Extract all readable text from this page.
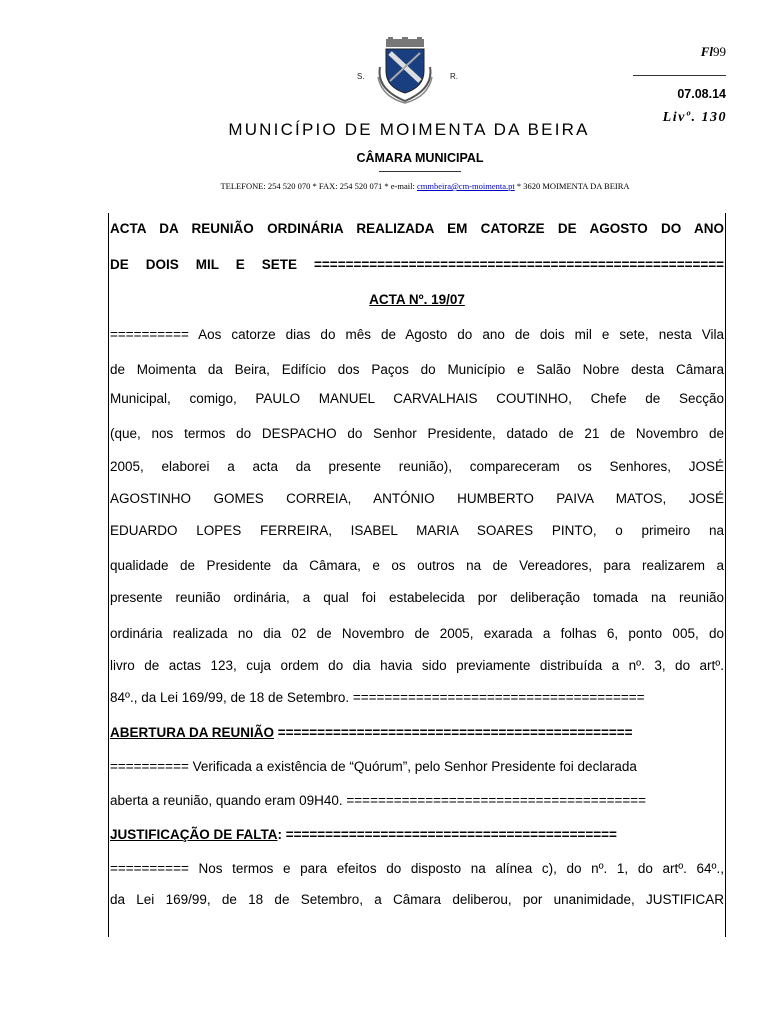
S.	R.
Fl99
07.08.14
Livº. 130
MUNICÍPIO DE MOIMENTA DA BEIRA
CÂMARA MUNICIPAL
TELEFONE: 254 520 070 * FAX: 254 520 071 * e-mail: cmmbeira@cm-moimenta.pt * 3620 MOIMENTA DA BEIRA
ACTA DA REUNIÃO ORDINÁRIA REALIZADA EM CATORZE DE AGOSTO DO ANO
DE DOIS MIL E SETE ====================================================
ACTA Nº. 19/07
========== Aos catorze dias do mês de Agosto do ano de dois mil e sete, nesta Vila
de Moimenta da Beira, Edifício dos Paços do Município e Salão Nobre desta Câmara
Municipal, comigo, PAULO MANUEL CARVALHAIS COUTINHO, Chefe de Secção
(que, nos termos do DESPACHO do Senhor Presidente, datado de 21 de Novembro de
2005, elaborei a acta da presente reunião), compareceram os Senhores, JOSÉ
AGOSTINHO GOMES CORREIA, ANTÓNIO HUMBERTO PAIVA MATOS, JOSÉ
EDUARDO LOPES FERREIRA, ISABEL MARIA SOARES PINTO, o primeiro na
qualidade de Presidente da Câmara, e os outros na de Vereadores, para realizarem a
presente reunião ordinária, a qual foi estabelecida por deliberação tomada na reunião
ordinária realizada no dia 02 de Novembro de 2005, exarada a folhas 6, ponto 005, do
livro de actas 123, cuja ordem do dia havia sido previamente distribuída a nº. 3, do artº.
84º., da Lei 169/99, de 18 de Setembro. =====================================
ABERTURA DA REUNIÃO =============================================
========== Verificada a existência de “Quórum”, pelo Senhor Presidente foi declarada
aberta a reunião, quando eram 09H40. ======================================
JUSTIFICAÇÃO DE FALTA: ==========================================
========== Nos termos e para efeitos do disposto na alínea c), do nº. 1, do artº. 64º.,
da Lei 169/99, de 18 de Setembro, a Câmara deliberou, por unanimidade, JUSTIFICAR
